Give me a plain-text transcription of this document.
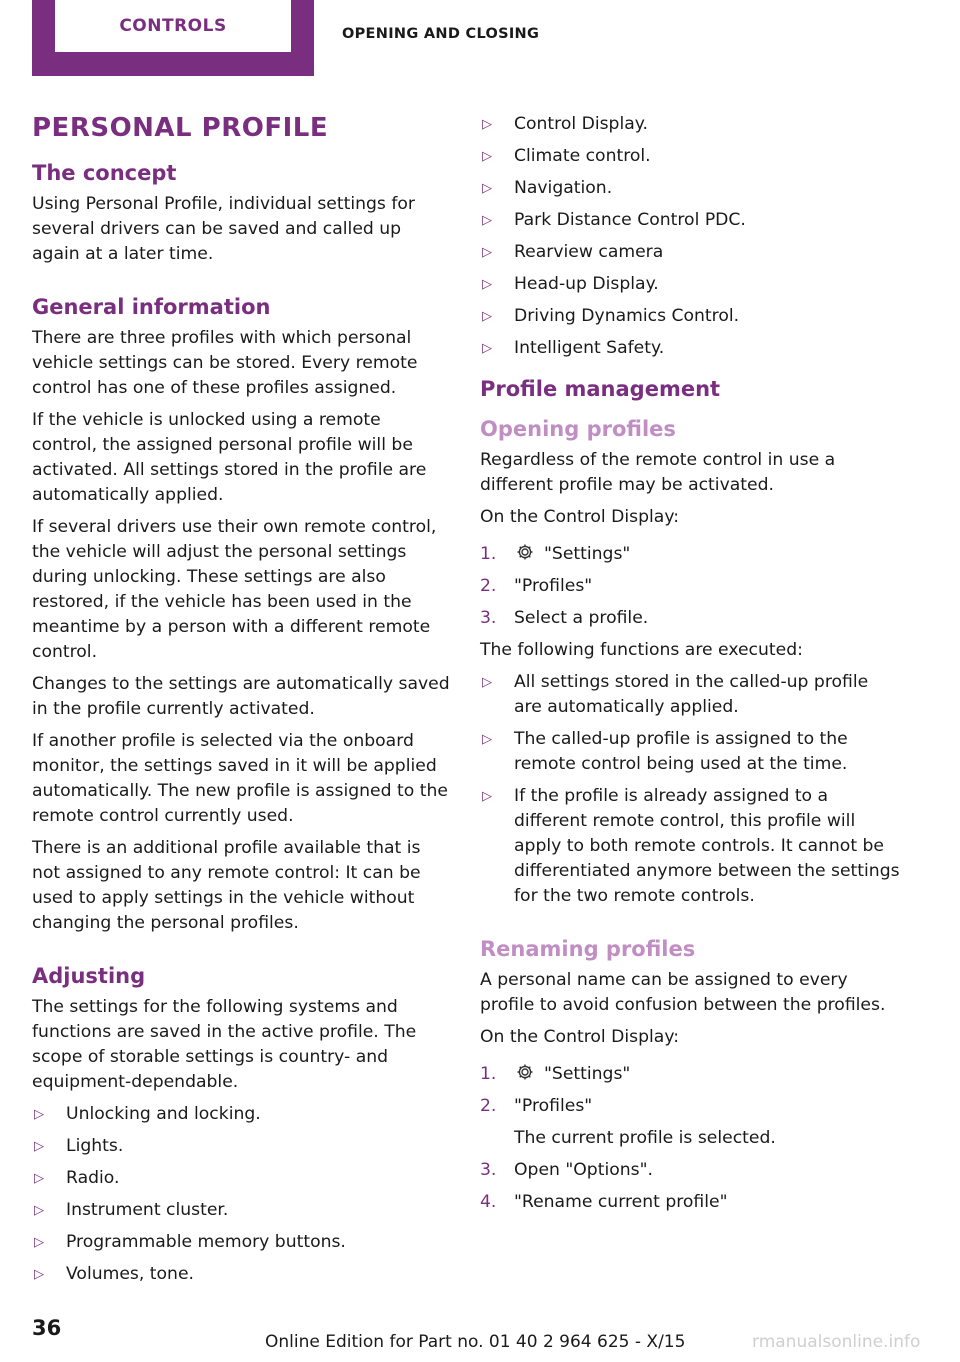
CONTROLS	OPENING AND CLOSING
PERSONAL PROFILE
The concept

Using Personal Profile, individual settings for several drivers can be saved and called up again at a later time.

General information

There are three profiles with which personal vehicle settings can be stored. Every remote control has one of these profiles assigned.

If the vehicle is unlocked using a remote control, the assigned personal profile will be activated. All settings stored in the profile are automatically applied.

If several drivers use their own remote control, the vehicle will adjust the personal settings during unlocking. These settings are also restored, if the vehicle has been used in the meantime by a person with a different remote control.

Changes to the settings are automatically saved in the profile currently activated.

If another profile is selected via the onboard monitor, the settings saved in it will be applied automatically. The new profile is assigned to the remote control currently used.

There is an additional profile available that is not assigned to any remote control: It can be used to apply settings in the vehicle without changing the personal profiles.

Adjusting

The settings for the following systems and functions are saved in the active profile. The scope of storable settings is country- and equipment-dependable.

▷ Unlocking and locking.
▷ Lights.
▷ Radio.
▷ Instrument cluster.
▷ Programmable memory buttons.
▷ Volumes, tone.
▷ Control Display.
▷ Climate control.
▷ Navigation.
▷ Park Distance Control PDC.
▷ Rearview camera
▷ Head-up Display.
▷ Driving Dynamics Control.
▷ Intelligent Safety.
Profile management
Opening profiles

Regardless of the remote control in use a different profile may be activated.

On the Control Display:

1.	"Settings"
2. "Profiles"
3. Select a profile.

The following functions are executed:

▷ All settings stored in the called-up profile are automatically applied.
▷ The called-up profile is assigned to the remote control being used at the time.
▷ If the profile is already assigned to a different remote control, this profile will apply to both remote controls. It cannot be differentiated anymore between the settings for the two remote controls.
Renaming profiles

A personal name can be assigned to every profile to avoid confusion between the profiles.

On the Control Display:

1.	"Settings"
2. "Profiles"

The current profile is selected.

3. Open "Options".
4. "Rename current profile"
36
Online Edition for Part no. 01 40 2 964 625 - X/15	rmanualsonline.info
